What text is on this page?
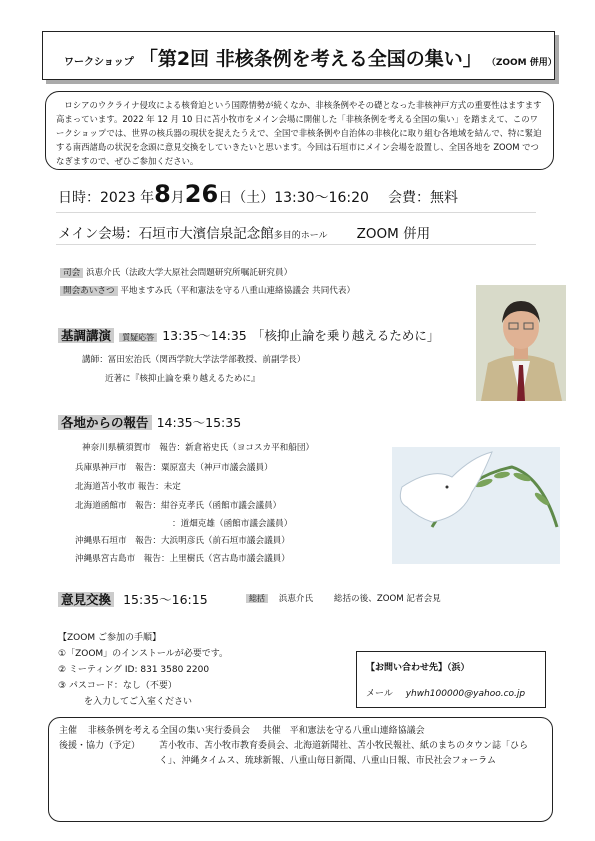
ワークショップ 「第2回 非核条例を考える全国の集い」 （ZOOM 併用）
ロシアのウクライナ侵攻による核脅迫という国際情勢が続くなか、非核条例やその礎となった非核神戸方式の重要性はますます高まっています。2022 年 12 月 10 日に苫小牧市をメイン会場に開催した「非核条例を考える全国の集い」を踏まえて、このワークショップでは、世界の核兵器の現状を捉えたうえで、全国で非核条例や自治体の非核化に取り組む各地域を結んで、特に緊迫する南西諸島の状況を念頭に意見交換をしていきたいと思います。今回は石垣市にメイン会場を設置し、全国各地を ZOOM でつなぎますので、ぜひご参加ください。
日時：2023 年8月26日（土）13:30～16:20 会費：無料
メイン会場：石垣市大濱信泉記念館多目的ホール ZOOM 併用
司会 浜恵介氏（法政大学大原社会問題研究所嘱託研究員）
開会あいさつ 平地ますみ氏（平和憲法を守る八重山連絡協議会 共同代表）
基調講演 質疑応答 13:35～14:35 「核抑止論を乗り越えるために」
講師：冨田宏治氏（関西学院大学法学部教授、前副学長）
近著に『核抑止論を乗り越えるために』
各地からの報告 14:35～15:35
神奈川県横須賀市　報告：新倉裕史氏（ヨコスカ平和船団）
兵庫県神戸市　報告：粟原富夫（神戸市議会議員）
北海道苫小牧市 報告：未定
北海道函館市　報告：紺谷克孝氏（函館市議会議員）
：道畑克雄（函館市議会議員）
沖縄県石垣市　報告：大浜明彦氏（前石垣市議会議員）
沖縄県宮古島市　報告：上里樹氏（宮古島市議会議員）
意見交換 15:35～16:15	総括 浜恵介氏 総括の後、ZOOM 記者会見
【ZOOM ご参加の手順】
①「ZOOM」のインストールが必要です。
② ミーティング ID: 831 3580 2200
③ パスコード：なし（不要）
を入力してご入室ください
【お問い合わせ先】（浜）
メール yhwh100000@yahoo.co.jp
主催 非核条例を考える全国の集い実行委員会 共催 平和憲法を守る八重山連絡協議会
後援・協力（予定）	苫小牧市、苫小牧市教育委員会、北海道新聞社、苫小牧民報社、紙のまちのタウン誌「ひらく」、沖縄タイムス、琉球新報、八重山毎日新聞、八重山日報、市民社会フォーラム
